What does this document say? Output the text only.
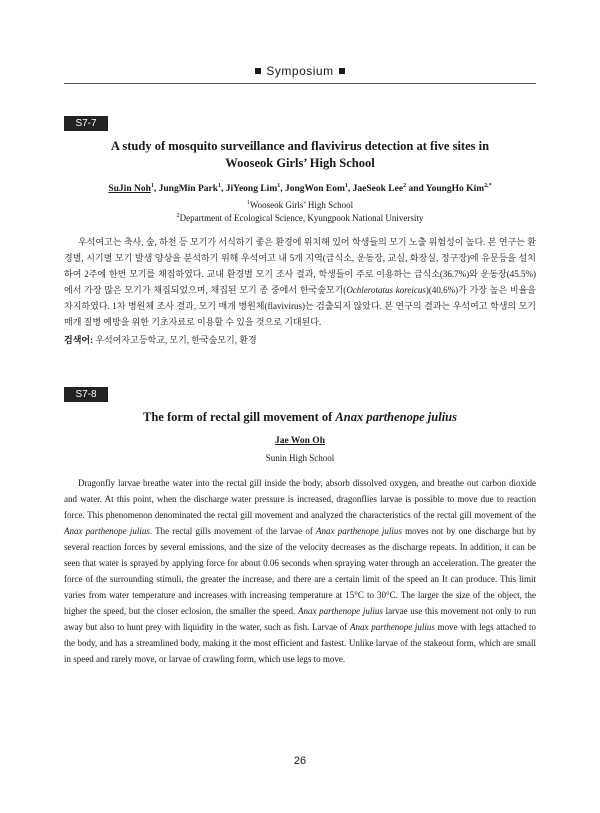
Symposium
S7-7
A study of mosquito surveillance and flavivirus detection at five sites in
Wooseok Girls’ High School
SuJin Noh$^1$, JungMin Park$^1$, JiYeong Lim$^1$, JongWon Eom$^1$, JaeSeok Lee$^2$ and YoungHo Kim$^{2,*}$
$^1$Wooseok Girls’ High School
$^2$Department of Ecological Science, Kyungpook National University

우석여고는 축사, 숲, 하천 등 모기가 서식하기 좋은 환경에 위치해 있어 학생들의 모기 노출 위험성이 높다. 본 연구는 환경별, 시기별 모기 발생 양상을 분석하기 위해 우석여고 내 5개 지역(급식소, 운동장, 교실, 화장실, 정구장)에 유문등을 설치하여 2주에 한번 모기를 채집하였다. 교내 환경별 모기 조사 결과, 학생들이 주로 이용하는 급식소(36.7%)와 운동장(45.5%)에서 가장 많은 모기가 채집되었으며, 채집된 모기 종 중에서 한국숲모기(Ochlerotatus koreicus)(40.6%)가 가장 높은 비율을 차지하였다. 1차 병원체 조사 결과, 모기 매개 병원체(flavivirus)는 검출되지 않았다. 본 연구의 결과는 우석여고 학생의 모기 매개 질병 예방을 위한 기초자료로 이용할 수 있을 것으로 기대된다.

검색어: 우석여자고등학교, 모기, 한국숲모기, 환경
S7-8
The form of rectal gill movement of Anax parthenope julius
Jae Won Oh
Sunin High School

Dragonfly larvae breathe water into the rectal gill inside the body, absorb dissolved oxygen, and breathe out carbon dioxide and water. At this point, when the discharge water pressure is increased, dragonflies larvae is possible to move due to reaction force. This phenomenon denominated the rectal gill movement and analyzed the characteristics of the rectal gill movement of the Anax parthenope julius. The rectal gills movement of the larvae of Anax parthenope julius moves not by one discharge but by several reaction forces by several emissions, and the size of the velocity decreases as the discharge repeats. In addition, it can be seen that water is sprayed by applying force for about 0.06 seconds when spraying water through an acceleration. The greater the force of the surrounding stimuli, the greater the increase, and there are a certain limit of the speed an It can produce. This limit varies from water temperature and increases with increasing temperature at 15°C to 30°C. The larger the size of the object, the higher the speed, but the closer eclosion, the smaller the speed. Anax parthenope julius larvae use this movement not only to run away but also to hunt prey with liquidity in the water, such as fish. Larvae of Anax parthenope julius move with legs attached to the body, and has a streamlined body, making it the most efficient and fastest. Unlike larvae of the stakeout form, which are small in speed and rarely move, or larvae of crawling form, which use legs to move.

26
